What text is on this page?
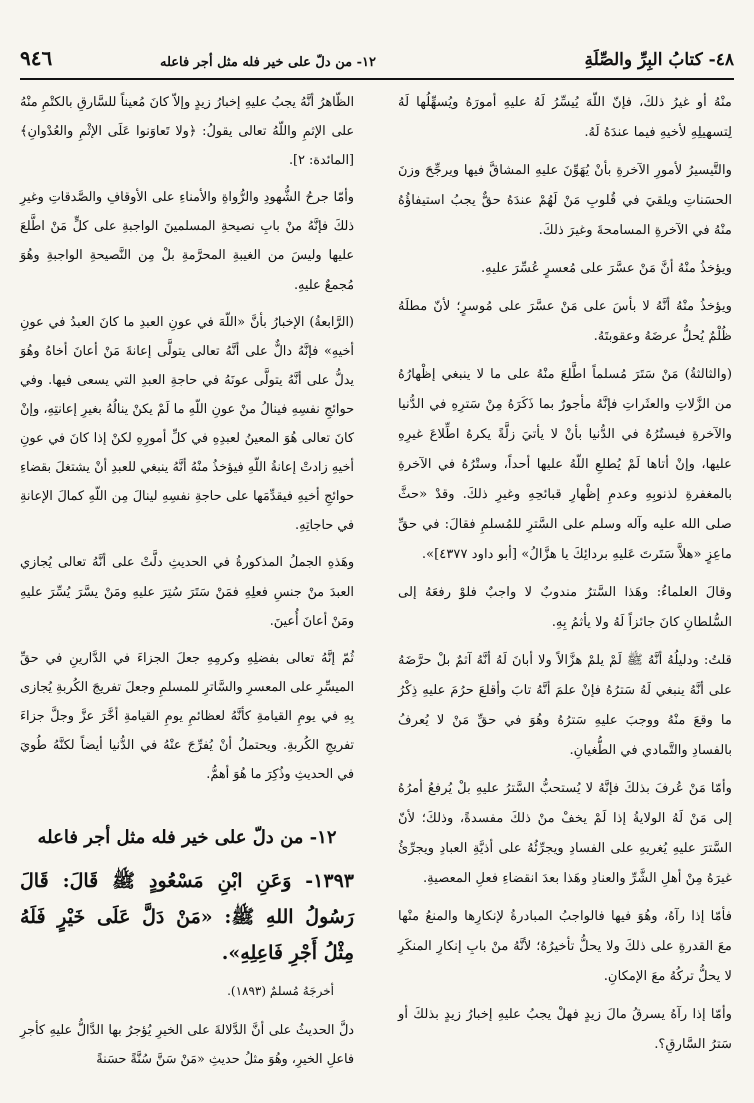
٤٨- كتابُ البِرِّ والصِّلَةِ
١٢- من دلّ على خير فله مثل أجر فاعله
٩٤٦

منْهُ أو غيرُ ذلكَ، فإنّ اللّهَ يُيسِّرُ لَهُ عليهِ أمورَهُ ويُسهِّلُها لَهُ لِتسهيلِهِ لأخيهِ فيما عندَهُ لَهُ.

والتَّيسيرُ لأمورِ الآخرةِ بأنْ يُهَوِّنَ عليهِ المشاقَّ فيها ويرجِّحَ وزنَ الحسَناتِ ويلقيَ في قُلوبِ مَنْ لَهُمْ عندَهُ حقٌّ يجبُ استيفاؤُهُ منْهُ في الآخرةِ المسامحةَ وغيرَ ذلكَ.

ويؤخذُ منْهُ أنَّ مَنْ عسَّرَ على مُعسرٍ عُسِّرَ عليهِ.

ويؤخذُ منْهُ أنَّهُ لا بأسَ على مَنْ عسَّرَ على مُوسرٍ؛ لأنّ مطلَهُ ظُلْمٌ يُحلُّ عرضَهُ وعقوبتَهُ.

(والثالثةُ) مَنْ سَتَرَ مُسلماً اطَّلعَ منْهُ على ما لا ينبغي إظْهارُهُ من الزَّلاتِ والعثَراتِ فإنَّهُ مأجورٌ بما ذَكَرَهُ مِنْ سَترِهِ في الدُّنيا والآخرةِ فيستُرُهُ في الدُّنيا بأنْ لا يأتيَ زلَّةً يكرهُ اطِّلاعَ غيرِهِ عليها، وإنْ أتاها لَمْ يُطلعِ اللّهُ عليها أحداً، وستْرُهُ في الآخرةِ بالمغفرةِ لذنوبِهِ وعدمِ إظْهارِ قبائحِهِ وغيرِ ذلكَ. وقدْ «حثَّ صلى الله عليه وآله وسلم على السَّترِ للمُسلمِ فقالَ: في حقِّ ماعِزٍ «هلاَّ سَتَرتَ عَليهِ بردائِكَ يا هزَّالُ» [أبو داود ٤٣٧٧]».

وقالَ العلماءُ: وهَذا السَّترُ مندوبٌ لا واجبٌ فلوْ رفعَهُ إلى السُّلطانِ كانَ جائزاً لَهُ ولا يأثمُ بِهِ.

قلتُ: ودليلُهُ أنَّهُ ﷺ لَمْ يلمْ هزَّالاً ولا أبانَ لَهُ أنَّهُ آثمٌ بلْ حرَّضَهُ على أنَّهُ ينبغي لَهُ سَترُهُ فإنْ علمَ أنَّهُ تابَ وأقلعَ حرُمَ عليهِ ذِكْرُ ما وقعَ منْهُ ووجبَ عليهِ سَترُهُ وهُوَ في حقِّ مَنْ لا يُعرفُ بالفسادِ والتَّمادي في الطُّغيانِ.

وأمّا مَنْ عُرفَ بذلكَ فإنَّهُ لا يُستحبُّ السَّترُ عليهِ بلْ يُرفعُ أمرُهُ إلى مَنْ لَهُ الولايةُ إذا لَمْ يخفْ منْ ذلكَ مفسدةً، وذلكَ؛ لأنّ السَّترَ عليهِ يُغريهِ على الفسادِ ويجرِّئُهُ على أذيَّةِ العبادِ ويجرِّئُ غيرَهُ مِنْ أهلِ الشَّرِّ والعنادِ وهَذا بعدَ انقضاءِ فعلِ المعصيةِ.

فأمّا إذا رآهُ، وهُوَ فيها فالواجبُ المبادرةُ لإنكارِها والمنعُ منْها معَ القدرةِ على ذلكَ ولا يحلُّ تأخيرُهُ؛ لأنَّهُ منْ بابِ إنكارِ المنكَرِ لا يحلُّ تركُهُ معَ الإمكانِ.

وأمّا إذا رآهُ يسرقُ مالَ زيدٍ فهلْ يجبُ عليهِ إخبارُ زيدٍ بذلكَ أو سَترُ السَّارقِ؟.

الظّاهرُ أنَّهُ يجبُ عليهِ إخبارُ زيدٍ وإلاّ كانَ مُعيناً للسَّارقِ بالكتْمِ منْهُ على الإثمِ واللّهُ تعالى يقولُ: ﴿ولا تَعاوَنوا عَلَى الإثْمِ والعُدْوانِ﴾ [المائدة: ٢].

وأمّا جرحُ الشُّهودِ والرُّواةِ والأمناءِ على الأوقافِ والصَّدقاتِ وغيرِ ذلكَ فإنَّهُ منْ بابِ نصيحةِ المسلمينَ الواجبةِ على كلٍّ مَنْ اطَّلعَ عليها وليسَ من الغيبةِ المحرَّمةِ بلْ مِن النَّصيحةِ الواجبةِ وهُوَ مُجمعٌ عليهِ.

(الرَّابعةُ) الإخبارُ بأنَّ «اللّهَ في عونِ العبدِ ما كانَ العبدُ في عونِ أخيهِ» فإنَّهُ دالٌّ على أنَّهُ تعالى يتولَّى إعانةَ مَنْ أعانَ أخاهُ وهُوَ يدلُّ على أنَّهُ يتولَّى عونَهُ في حاجةِ العبدِ التي يسعى فيها. وفي حوائجِ نفسِهِ فينالُ منْ عونِ اللّهِ ما لَمْ يكنْ ينالُهُ بغيرِ إعانتِهِ، وإنْ كانَ تعالى هُوَ المعينُ لعبدِهِ في كلِّ أمورِهِ لكنْ إذا كانَ في عونِ أخيهِ زادتْ إعانةُ اللّهِ فيؤخذُ منْهُ أنَّهُ ينبغي للعبدِ أنْ يشتغلَ بقضاءِ حوائجِ أخيهِ فيقدِّمَها على حاجةِ نفسِهِ لينالَ مِن اللّهِ كمالَ الإعانةِ في حاجاتِهِ.

وهَذهِ الجملُ المذكورةُ في الحديثِ دلَّتْ على أنَّهُ تعالى يُجازي العبدَ منْ جنسِ فعلِهِ فمَنْ سَتَرَ سُتِرَ عليهِ ومَنْ يسَّرَ يُسِّرَ عليهِ ومَنْ أعانَ أُعينَ.

ثُمّ إنَّهُ تعالى بفضلِهِ وكرمِهِ جعلَ الجزاءَ في الدَّارينِ في حقِّ الميسِّرِ على المعسرِ والسَّاترِ للمسلمِ وجعلَ تفريجَ الكُربةِ يُجازى بِهِ في يومِ القيامةِ كأنَّهُ لعظائمِ يومِ القيامةِ أخَّرَ عزَّ وجلَّ جزاءَ تفريجِ الكُربةِ. ويحتملُ أنْ يُفرِّجَ عنْهُ في الدُّنيا أيضاً لكنَّهُ طُويَ في الحديثِ وذُكِرَ ما هُوَ أهمُّ.

١٢- من دلّ على خير فله مثل أجر فاعله
١٣٩٣- وَعَنِ ابْنِ مَسْعُودٍ ﷺ قَالَ: قَالَ رَسُولُ اللهِ ﷺ: «مَنْ دَلَّ عَلَى خَيْرٍ فَلَهُ مِثْلُ أَجْرِ فَاعِلِهِ».
أخرجَهُ مُسلمٌ (١٨٩٣).

دلَّ الحديثُ على أنَّ الدَّلالةَ على الخيرِ يُؤجرُ بها الدَّالُّ عليهِ كأجرِ فاعلِ الخيرِ، وهُوَ مثلُ حديثِ «مَنْ سَنَّ سُنَّةً حسَنةً
